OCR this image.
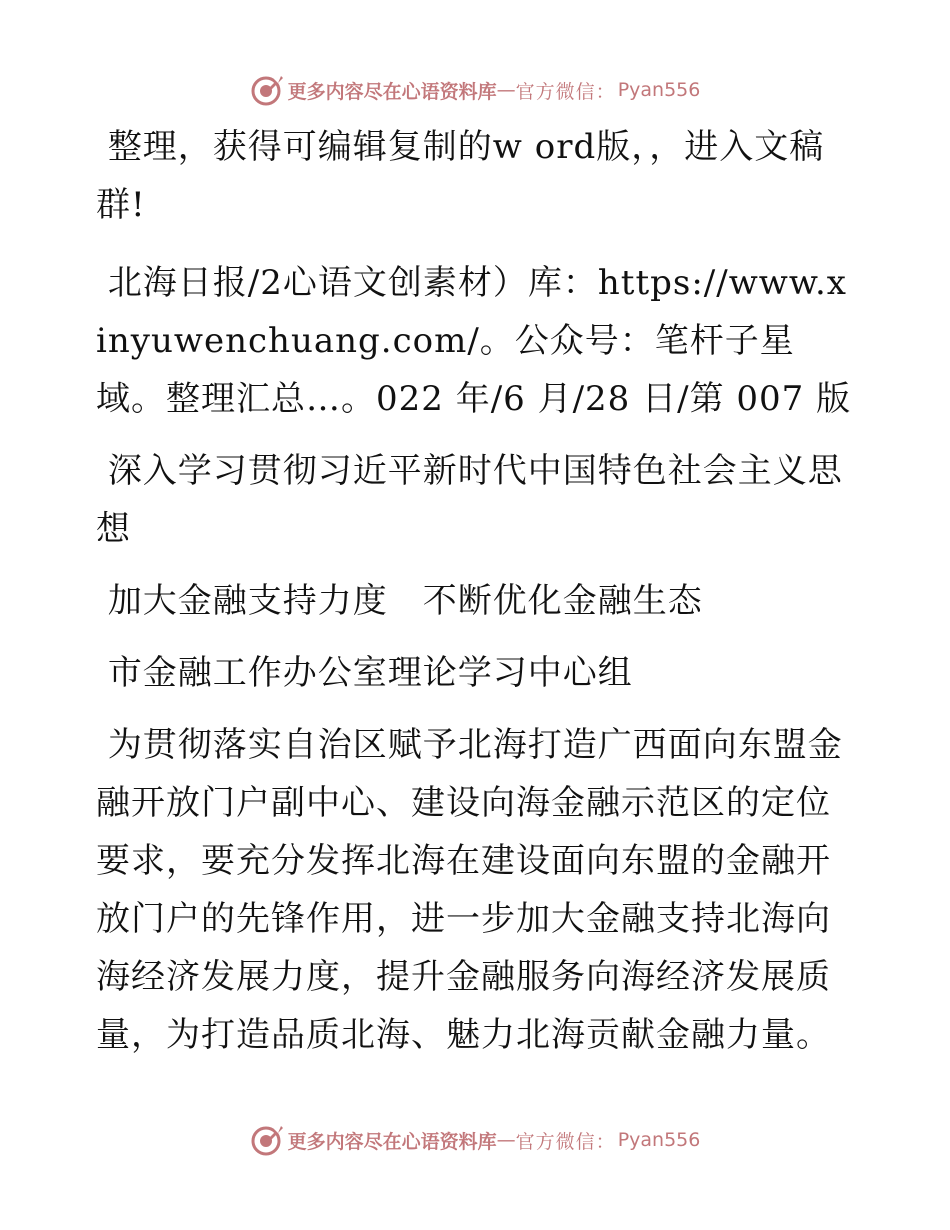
更多内容尽在心语资料库 — 官方微信： Pyan556

整理，获得可编辑复制的w ord版，，进入文稿群!

北海日报/2心语文创素材）库：https://www.xinyuwenchuang.com/。公众号：笔杆子星域。整理汇总…。022 年/6 月/28 日/第 007 版

深入学习贯彻习近平新时代中国特色社会主义思想

加大金融支持力度　不断优化金融生态

市金融工作办公室理论学习中心组

为贯彻落实自治区赋予北海打造广西面向东盟金融开放门户副中心、建设向海金融示范区的定位要求，要充分发挥北海在建设面向东盟的金融开放门户的先锋作用，进一步加大金融支持北海向海经济发展力度，提升金融服务向海经济发展质量，为打造品质北海、魅力北海贡献金融力量。

更多内容尽在心语资料库 — 官方微信： Pyan556
